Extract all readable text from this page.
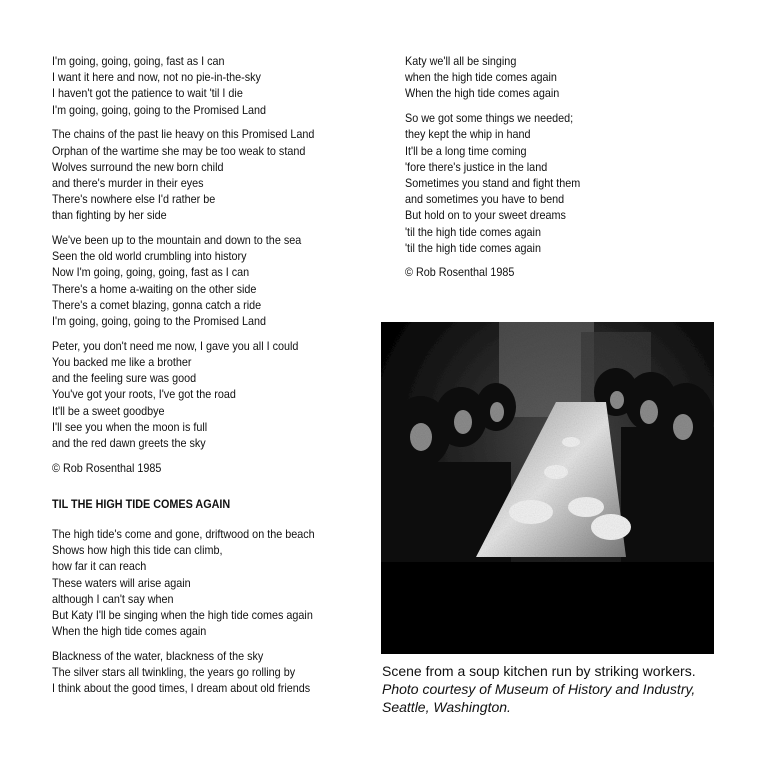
I'm going, going, going, fast as I can
I want it here and now, not no pie-in-the-sky
I haven't got the patience to wait 'til I die
I'm going, going, going to the Promised Land
The chains of the past lie heavy on this Promised Land
Orphan of the wartime she may be too weak to stand
Wolves surround the new born child
and there's murder in their eyes
There's nowhere else I'd rather be
than fighting by her side
We've been up to the mountain and down to the sea
Seen the old world crumbling into history
Now I'm going, going, going, fast as I can
There's a home a-waiting on the other side
There's a comet blazing, gonna catch a ride
I'm going, going, going to the Promised Land
Peter, you don't need me now, I gave you all I could
You backed me like a brother
and the feeling sure was good
You've got your roots, I've got the road
It'll be a sweet goodbye
I'll see you when the moon is full
and the red dawn greets the sky
© Rob Rosenthal 1985
TIL THE HIGH TIDE COMES AGAIN
The high tide's come and gone, driftwood on the beach
Shows how high this tide can climb,
how far it can reach
These waters will arise again
although I can't say when
But Katy I'll be singing when the high tide comes again
When the high tide comes again
Blackness of the water, blackness of the sky
The silver stars all twinkling, the years go rolling by
I think about the good times, I dream about old friends
Katy we'll all be singing
when the high tide comes again
When the high tide comes again
So we got some things we needed;
they kept the whip in hand
It'll be a long time coming
'fore there's justice in the land
Sometimes you stand and fight them
and sometimes you have to bend
But hold on to your sweet dreams
'til the high tide comes again
'til the high tide comes again
© Rob Rosenthal 1985
Scene from a soup kitchen run by striking workers.
Photo courtesy of Museum of History and Industry,
Seattle, Washington.
